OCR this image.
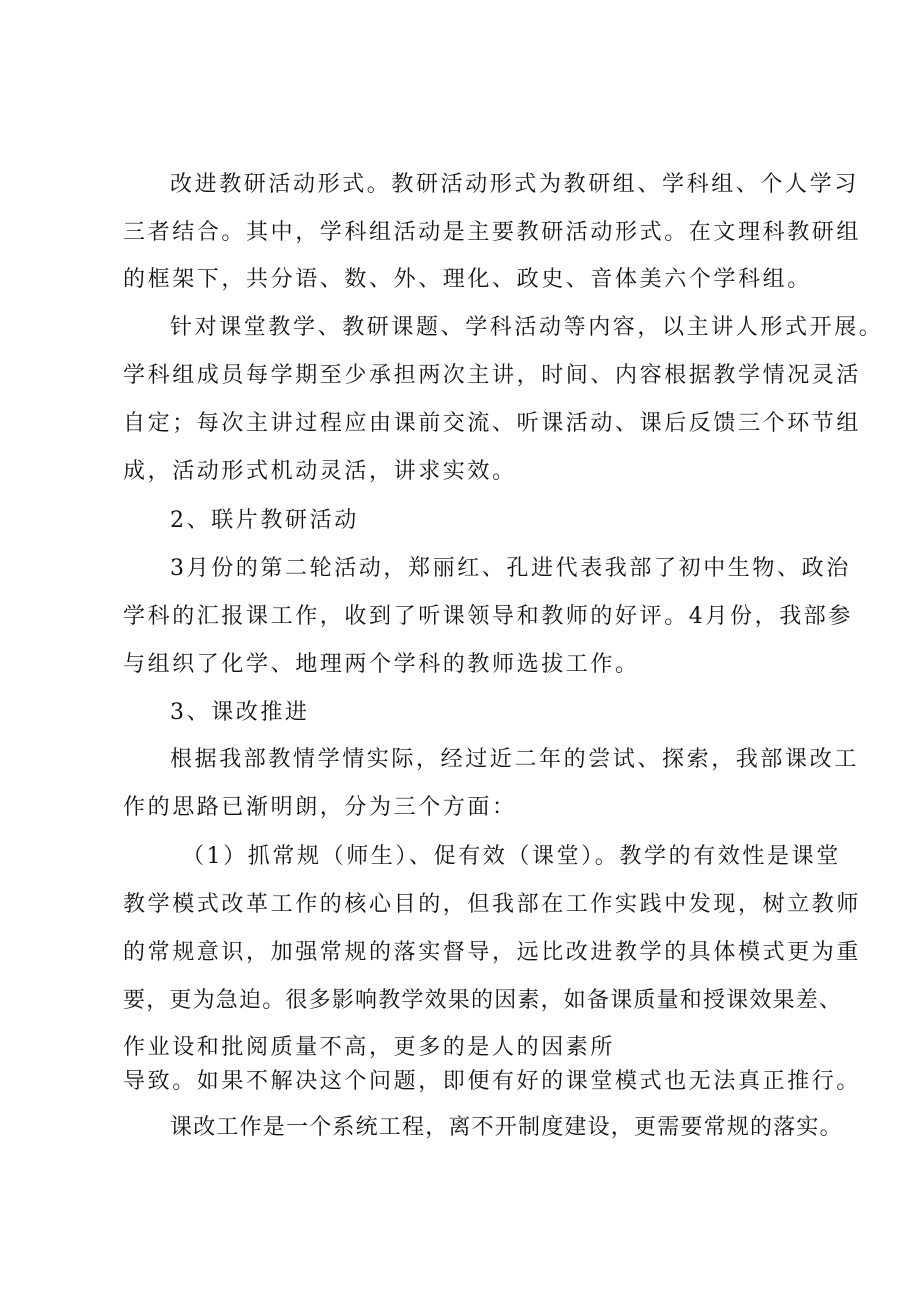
改进教研活动形式。教研活动形式为教研组、学科组、个人学习
三者结合。其中，学科组活动是主要教研活动形式。在文理科教研组
的框架下，共分语、数、外、理化、政史、音体美六个学科组。
针对课堂教学、教研课题、学科活动等内容，以主讲人形式开展。
学科组成员每学期至少承担两次主讲，时间、内容根据教学情况灵活
自定；每次主讲过程应由课前交流、听课活动、课后反馈三个环节组
成，活动形式机动灵活，讲求实效。
2、联片教研活动
3月份的第二轮活动，郑丽红、孔进代表我部了初中生物、政治
学科的汇报课工作，收到了听课领导和教师的好评。4月份，我部参
与组织了化学、地理两个学科的教师选拔工作。
3、课改推进
根据我部教情学情实际，经过近二年的尝试、探索，我部课改工
作的思路已渐明朗，分为三个方面：
（1）抓常规（师生）、促有效（课堂）。教学的有效性是课堂
教学模式改革工作的核心目的，但我部在工作实践中发现，树立教师
的常规意识，加强常规的落实督导，远比改进教学的具体模式更为重
要，更为急迫。很多影响教学效果的因素，如备课质量和授课效果差、
作业设和批阅质量不高，更多的是人的因素所
导致。如果不解决这个问题，即便有好的课堂模式也无法真正推行。
课改工作是一个系统工程，离不开制度建设，更需要常规的落实。
